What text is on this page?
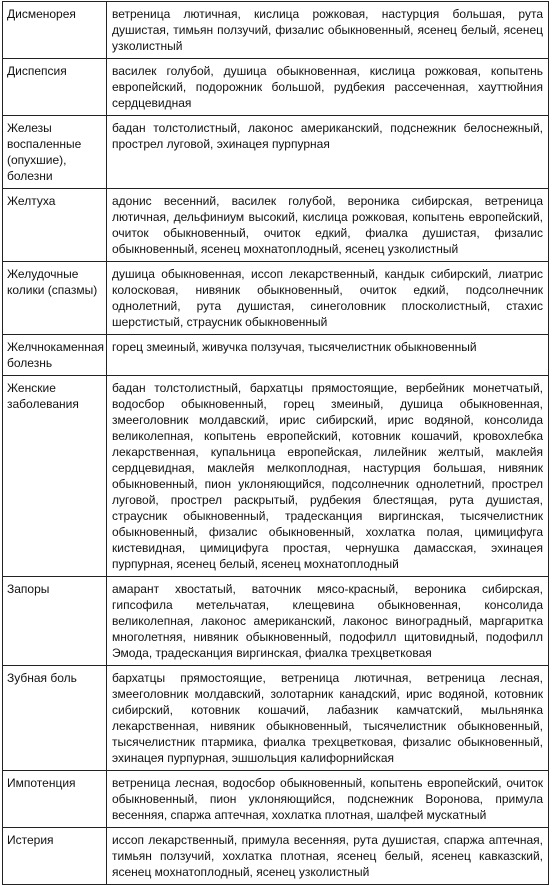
Дисменорея	ветреница лютичная, кислица рожковая, настурция большая, рута душистая, тимьян ползучий, физалис обыкновенный, ясенец белый, ясенец узколистный
Диспепсия	василек голубой, душица обыкновенная, кислица рожковая, копытень европейский, подорожник большой, рудбекия рассеченная, хауттюйния сердцевидная
Железы воспаленные (опухшие), болезни	бадан толстолистный, лаконос американский, подснежник белоснежный, прострел луговой, эхинацея пурпурная
Желтуха	адонис весенний, василек голубой, вероника сибирская, ветреница лютичная, дельфиниум высокий, кислица рожковая, копытень европейский, очиток обыкновенный, очиток едкий, фиалка душистая, физалис обыкновенный, ясенец мохнатоплодный, ясенец узколистный
Желудочные колики (спазмы)	душица обыкновенная, иссоп лекарственный, кандык сибирский, лиатрис колосковая, нивяник обыкновенный, очиток едкий, подсолнечник однолетний, рута душистая, синеголовник плосколистный, стахис шерстистый, страусник обыкновенный
Желчнокаменная болезнь	горец змеиный, живучка ползучая, тысячелистник обыкновенный
Женские заболевания	бадан толстолистный, бархатцы прямостоящие, вербейник монетчатый, водосбор обыкновенный, горец змеиный, душица обыкновенная, змееголовник молдавский, ирис сибирский, ирис водяной, консолида великолепная, копытень европейский, котовник кошачий, кровохлебка лекарственная, купальница европейская, лилейник желтый, маклейя сердцевидная, маклейя мелкоплодная, настурция большая, нивяник обыкновенный, пион уклоняющийся, подсолнечник однолетний, прострел луговой, прострел раскрытый, рудбекия блестящая, рута душистая, страусник обыкновенный, традесканция виргинская, тысячелистник обыкновенный, физалис обыкновенный, хохлатка полая, цимицифуга кистевидная, цимицифуга простая, чернушка дамасская, эхинацея пурпурная, ясенец белый, ясенец мохнатоплодный
Запоры	амарант хвостатый, ваточник мясо-красный, вероника сибирская, гипсофила метельчатая, клещевина обыкновенная, консолида великолепная, лаконос американский, лаконос виноградный, маргаритка многолетняя, нивяник обыкновенный, подофилл щитовидный, подофилл Эмода, традесканция виргинская, фиалка трехцветковая
Зубная боль	бархатцы прямостоящие, ветреница лютичная, ветреница лесная, змееголовник молдавский, золотарник канадский, ирис водяной, котовник сибирский, котовник кошачий, лабазник камчатский, мыльнянка лекарственная, нивяник обыкновенный, тысячелистник обыкновенный, тысячелистник птармика, фиалка трехцветковая, физалис обыкновенный, эхинацея пурпурная, эшшольция калифорнийская
Импотенция	ветреница лесная, водосбор обыкновенный, копытень европейский, очиток обыкновенный, пион уклоняющийся, подснежник Воронова, примула весенняя, спаржа аптечная, хохлатка плотная, шалфей мускатный
Истерия	иссоп лекарственный, примула весенняя, рута душистая, спаржа аптечная, тимьян ползучий, хохлатка плотная, ясенец белый, ясенец кавказский, ясенец мохнатоплодный, ясенец узколистный
